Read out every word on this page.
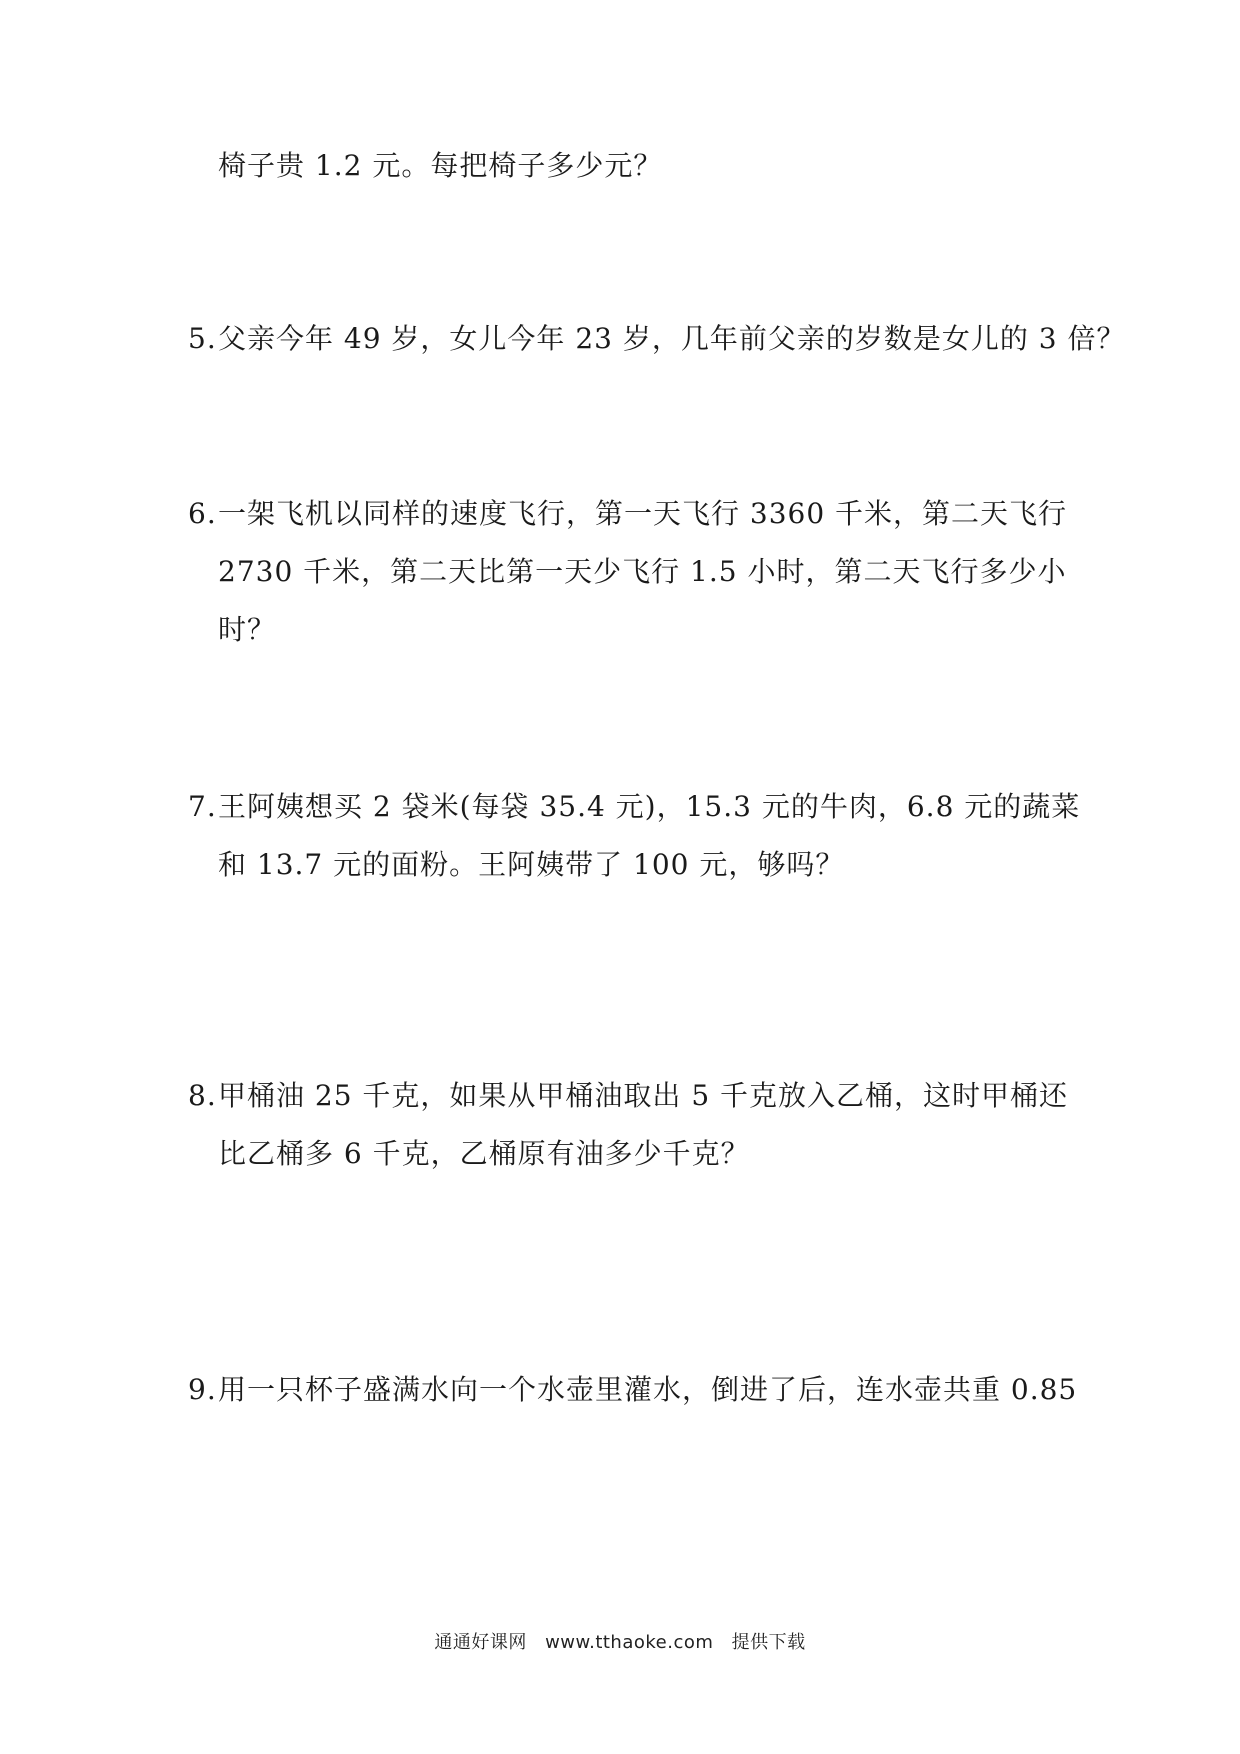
椅子贵 1.2 元。每把椅子多少元？
5.父亲今年 49 岁，女儿今年 23 岁，几年前父亲的岁数是女儿的 3 倍？
6.一架飞机以同样的速度飞行，第一天飞行 3360 千米，第二天飞行
2730 千米，第二天比第一天少飞行 1.5 小时，第二天飞行多少小
时？
7.王阿姨想买 2 袋米(每袋 35.4 元)，15.3 元的牛肉，6.8 元的蔬菜
和 13.7 元的面粉。王阿姨带了 100 元，够吗？
8.甲桶油 25 千克，如果从甲桶油取出 5 千克放入乙桶，这时甲桶还
比乙桶多 6 千克，乙桶原有油多少千克？
9.用一只杯子盛满水向一个水壶里灌水，倒进了后，连水壶共重 0.85
通通好课网 www.tthaoke.com 提供下载
